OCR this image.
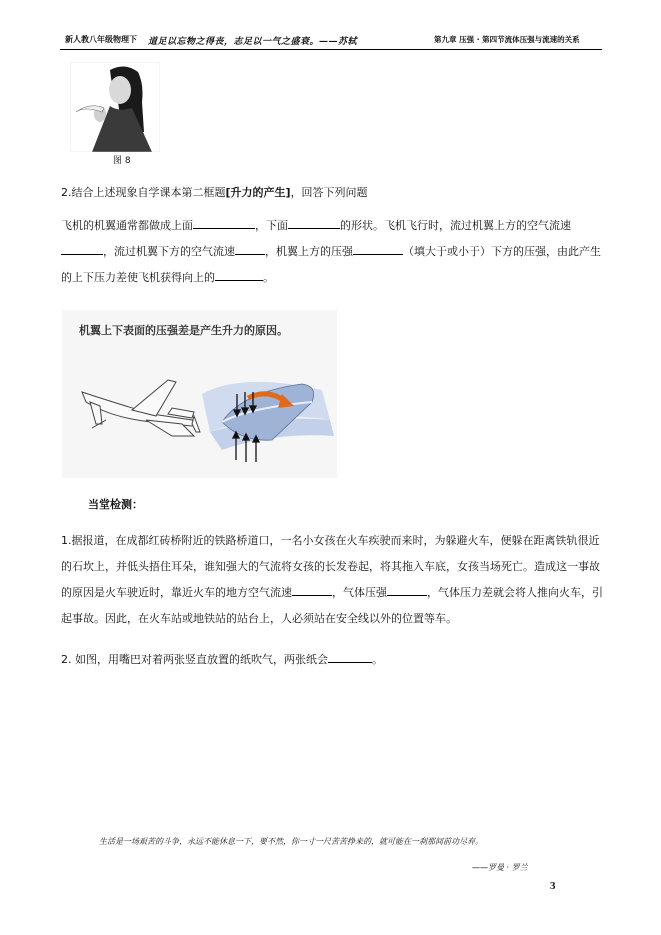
新人教八年级物理下 道足以忘物之得丧，志足以一气之盛衰。——苏轼	第九章 压强 · 第四节流体压强与流速的关系
图 8
2.结合上述现象自学课本第二框题[升力的产生]，回答下列问题
飞机的机翼通常都做成上面	，下面	的形状。飞机飞行时，流过机翼上方的空气流速，流过机翼下方的空气流速	，机翼上方的压强	（填大于或小于）下方的压强，由此产生的上下压力差使飞机获得向上的	。
机翼上下表面的压强差是产生升力的原因。
当堂检测：
1.据报道，在成都红砖桥附近的铁路桥道口，一名小女孩在火车疾驶而来时，为躲避火车，便躲在距离铁轨很近的石坎上，并低头捂住耳朵，谁知强大的气流将女孩的长发卷起，将其拖入车底，女孩当场死亡。造成这一事故的原因是火车驶近时，靠近火车的地方空气流速	，气体压强	，气体压力差就会将人推向火车，引起事故。因此，在火车站或地铁站的站台上，人必须站在安全线以外的位置等车。
2. 如图，用嘴巴对着两张竖直放置的纸吹气，两张纸会	。
生活是一场艰苦的斗争，永远不能休息一下，要不然，你一寸一尺苦苦挣来的，就可能在一刹那间前功尽弃。
——罗曼 · 罗兰
3
